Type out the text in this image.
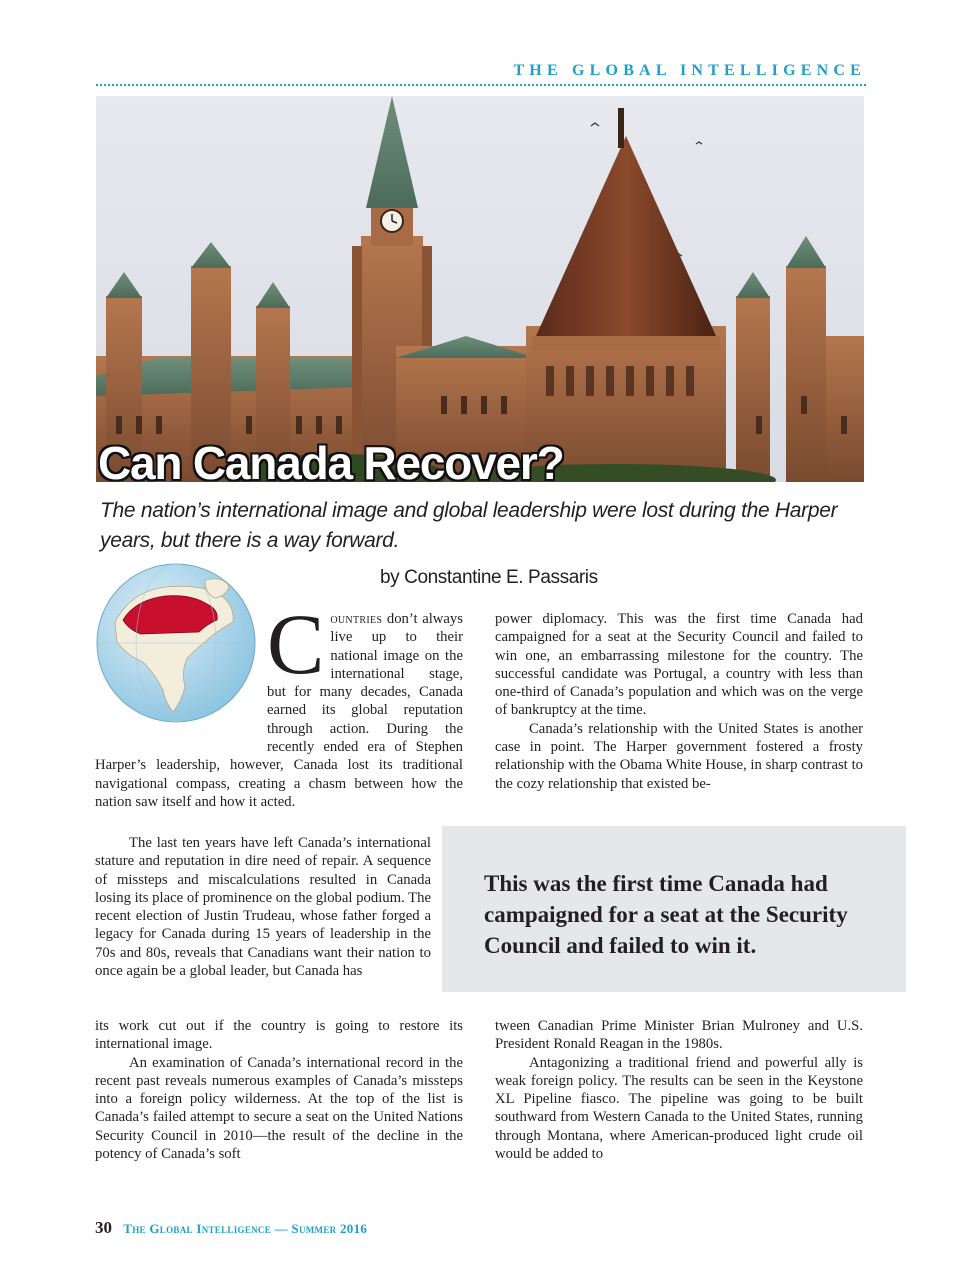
THE GLOBAL INTELLIGENCE
Can Canada Recover?

The nation’s international image and global leadership were lost during the Harper years, but there is a way forward.

by Constantine E. Passaris

C ountries don’t always live up to their national image on the international stage, but for many decades, Canada earned its global reputation through action. During the recently ended era of Stephen Harper’s leadership, however, Canada lost its traditional navigational compass, creating a chasm between how the nation saw itself and how it acted.

The last ten years have left Canada’s international stature and reputation in dire need of repair. A sequence of missteps and miscalculations resulted in Canada losing its place of prominence on the global podium. The recent election of Justin Trudeau, whose father forged a legacy for Canada during 15 years of leadership in the 70s and 80s, reveals that Canadians want their nation to once again be a global leader, but Canada has

its work cut out if the country is going to restore its international image.

An examination of Canada’s international record in the recent past reveals numerous examples of Canada’s missteps into a foreign policy wilderness. At the top of the list is Canada’s failed attempt to secure a seat on the United Nations Security Council in 2010—the result of the decline in the potency of Canada’s soft

power diplomacy. This was the first time Canada had campaigned for a seat at the Security Council and failed to win one, an embarrassing milestone for the country. The successful candidate was Portugal, a country with less than one-third of Canada’s population and which was on the verge of bankruptcy at the time.

Canada’s relationship with the United States is another case in point. The Harper government fostered a frosty relationship with the Obama White House, in sharp contrast to the cozy relationship that existed be-

tween Canadian Prime Minister Brian Mulroney and U.S. President Ronald Reagan in the 1980s.

Antagonizing a traditional friend and powerful ally is weak foreign policy. The results can be seen in the Keystone XL Pipeline fiasco. The pipeline was going to be built southward from Western Canada to the United States, running through Montana, where American-produced light crude oil would be added to

This was the first time Canada had campaigned for a seat at the Security Council and failed to win it.

30 The Global Intelligence — Summer 2016
